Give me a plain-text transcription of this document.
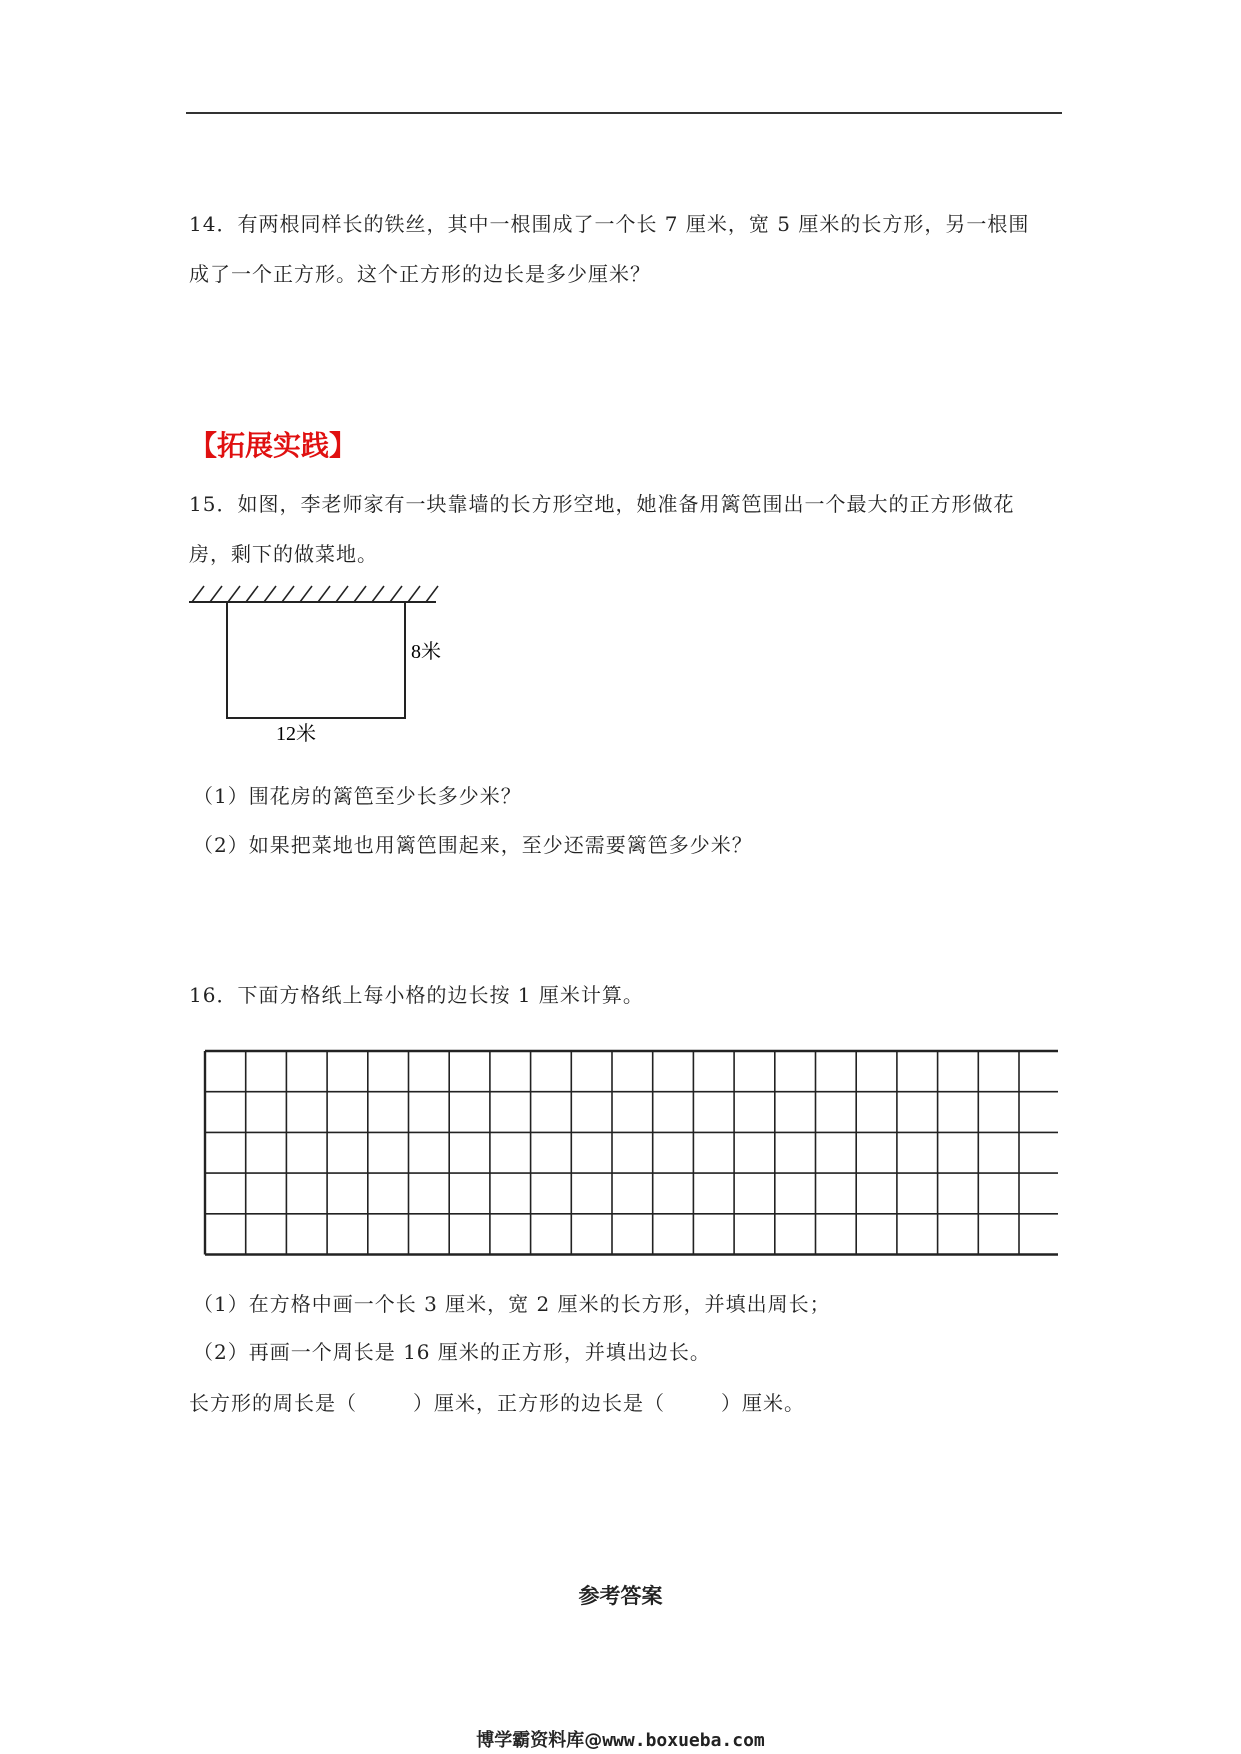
14．有两根同样长的铁丝，其中一根围成了一个长 7 厘米，宽 5 厘米的长方形，另一根围
成了一个正方形。这个正方形的边长是多少厘米？
【拓展实践】
15．如图，李老师家有一块靠墙的长方形空地，她准备用篱笆围出一个最大的正方形做花
房，剩下的做菜地。
8米
12米
（1）围花房的篱笆至少长多少米？
（2）如果把菜地也用篱笆围起来，至少还需要篱笆多少米？
16．下面方格纸上每小格的边长按 1 厘米计算。
（1）在方格中画一个长 3 厘米，宽 2 厘米的长方形，并填出周长；
（2）再画一个周长是 16 厘米的正方形，并填出边长。
长方形的周长是（	）厘米，正方形的边长是（	）厘米。
参考答案
博学霸资料库@www.boxueba.com
